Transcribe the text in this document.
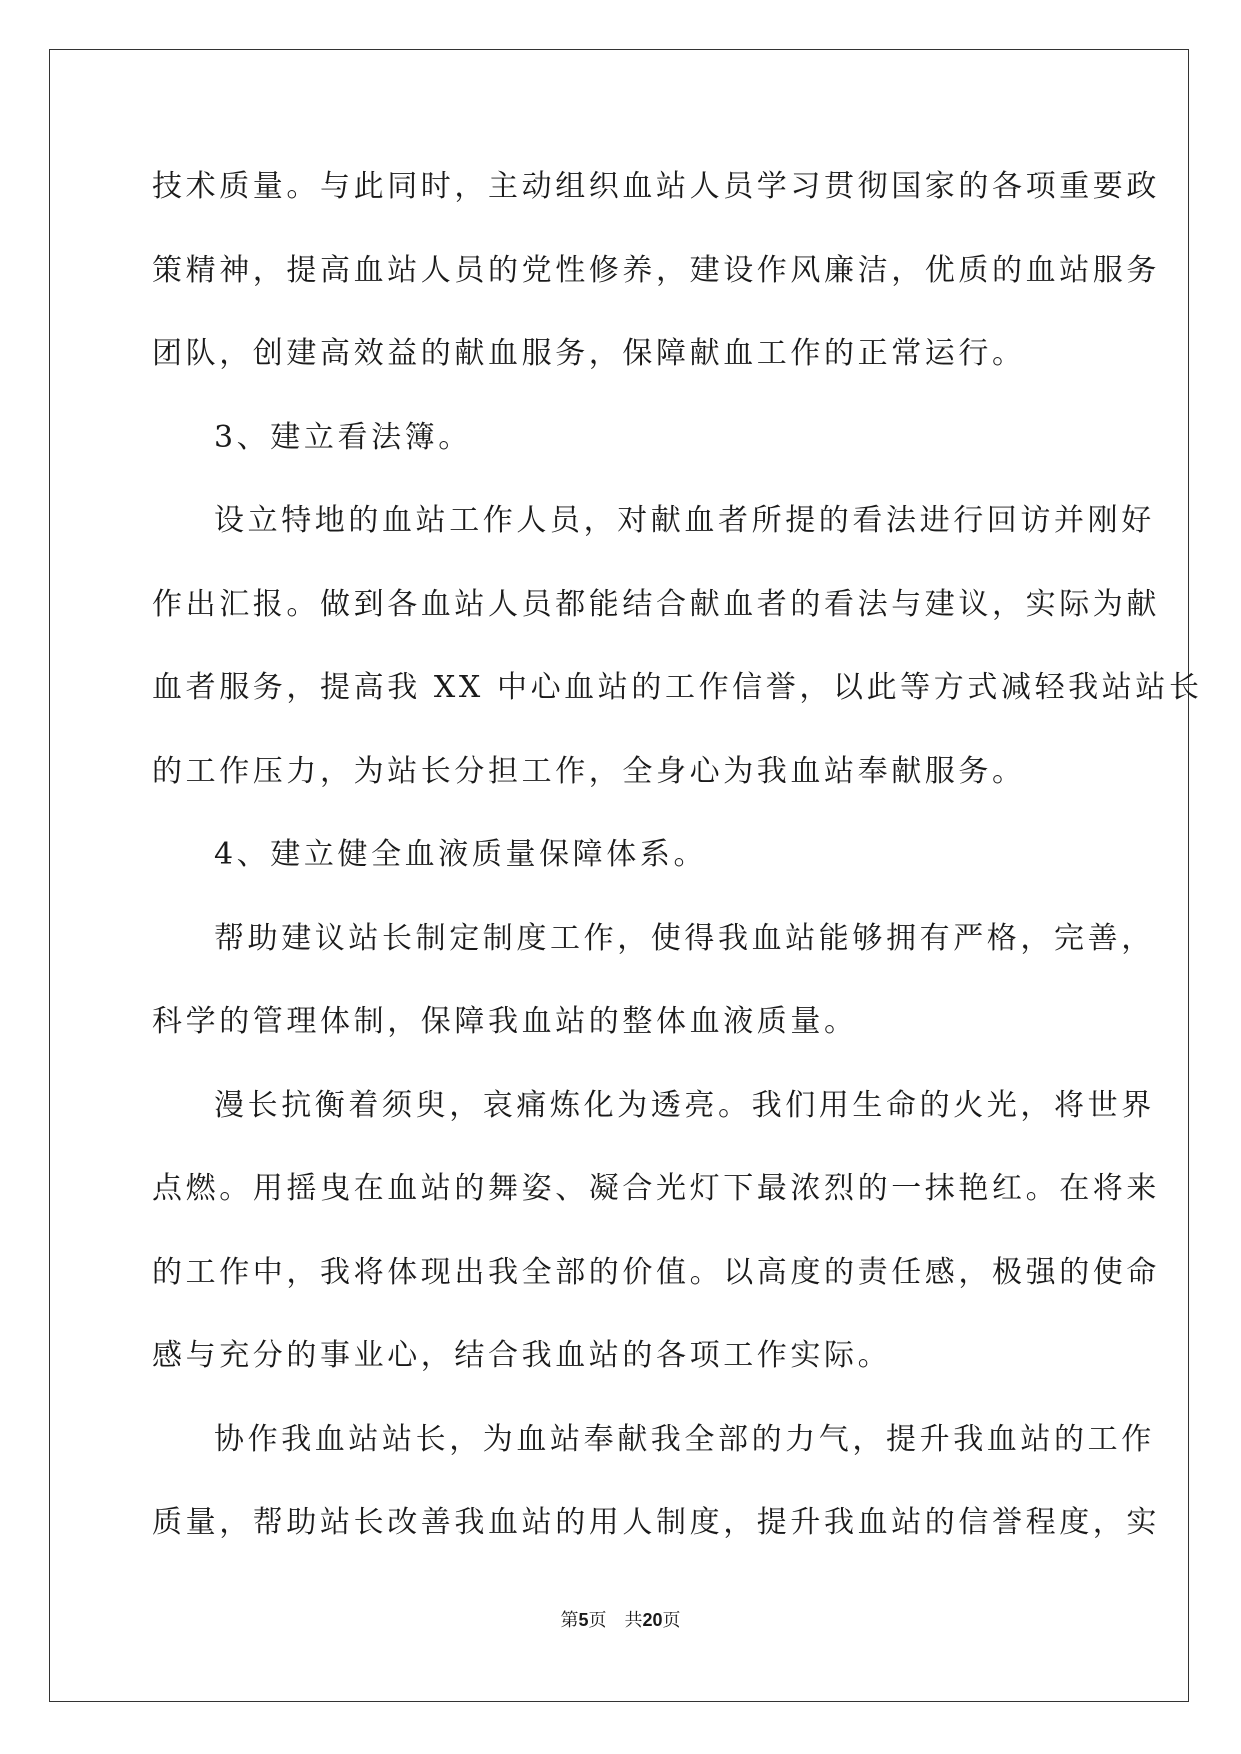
技术质量。与此同时，主动组织血站人员学习贯彻国家的各项重要政
策精神，提高血站人员的党性修养，建设作风廉洁，优质的血站服务
团队，创建高效益的献血服务，保障献血工作的正常运行。
3、建立看法簿。
设立特地的血站工作人员，对献血者所提的看法进行回访并刚好
作出汇报。做到各血站人员都能结合献血者的看法与建议，实际为献
血者服务，提高我 XX 中心血站的工作信誉，以此等方式减轻我站站长
的工作压力，为站长分担工作，全身心为我血站奉献服务。
4、建立健全血液质量保障体系。
帮助建议站长制定制度工作，使得我血站能够拥有严格，完善，
科学的管理体制，保障我血站的整体血液质量。
漫长抗衡着须臾，哀痛炼化为透亮。我们用生命的火光，将世界
点燃。用摇曳在血站的舞姿、凝合光灯下最浓烈的一抹艳红。在将来
的工作中，我将体现出我全部的价值。以高度的责任感，极强的使命
感与充分的事业心，结合我血站的各项工作实际。
协作我血站站长，为血站奉献我全部的力气，提升我血站的工作
质量，帮助站长改善我血站的用人制度，提升我血站的信誉程度，实
第5页　共20页
